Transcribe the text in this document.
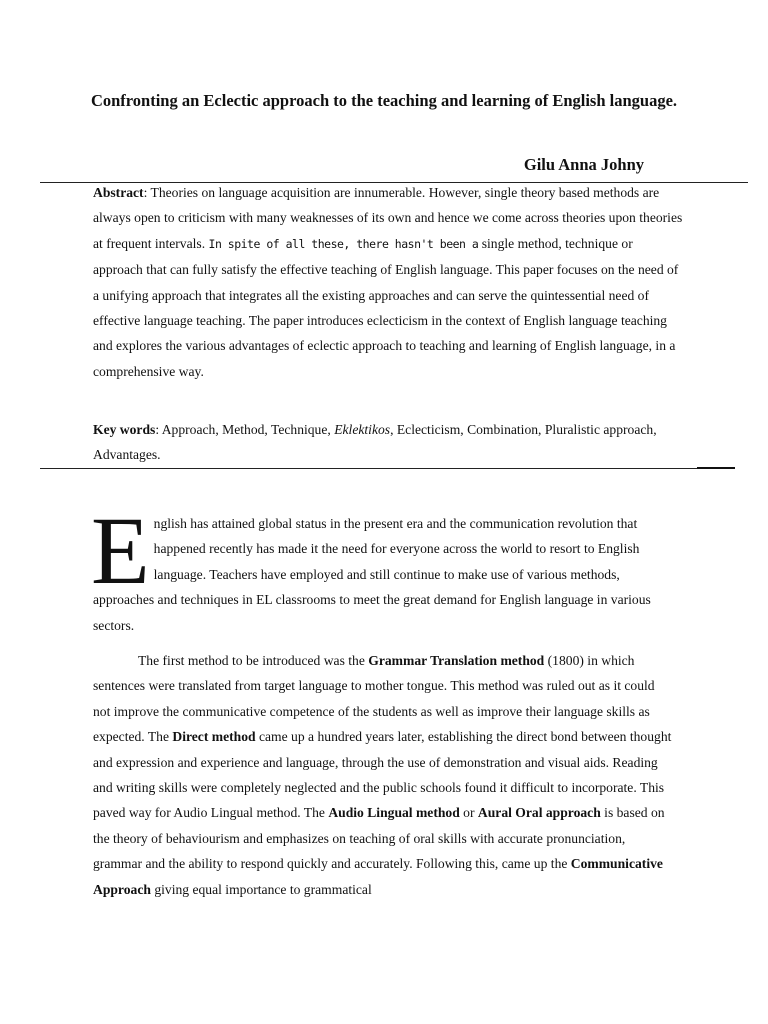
Confronting an Eclectic approach to the teaching and learning of English language.

Gilu Anna Johny

Abstract: Theories on language acquisition are innumerable. However, single theory based methods are always open to criticism with many weaknesses of its own and hence we come across theories upon theories at frequent intervals. In spite of all these, there hasn't been a single method, technique or approach that can fully satisfy the effective teaching of English language. This paper focuses on the need of a unifying approach that integrates all the existing approaches and can serve the quintessential need of effective language teaching. The paper introduces eclecticism in the context of English language teaching and explores the various advantages of eclectic approach to teaching and learning of English language, in a comprehensive way.

Key words: Approach, Method, Technique, Eklektikos, Eclecticism, Combination, Pluralistic approach, Advantages.

English has attained global status in the present era and the communication revolution that happened recently has made it the need for everyone across the world to resort to English language. Teachers have employed and still continue to make use of various methods, approaches and techniques in EL classrooms to meet the great demand for English language in various sectors.

The first method to be introduced was the Grammar Translation method (1800) in which sentences were translated from target language to mother tongue. This method was ruled out as it could not improve the communicative competence of the students as well as improve their language skills as expected. The Direct method came up a hundred years later, establishing the direct bond between thought and expression and experience and language, through the use of demonstration and visual aids. Reading and writing skills were completely neglected and the public schools found it difficult to incorporate. This paved way for Audio Lingual method. The Audio Lingual method or Aural Oral approach is based on the theory of behaviourism and emphasizes on teaching of oral skills with accurate pronunciation, grammar and the ability to respond quickly and accurately. Following this, came up the Communicative Approach giving equal importance to grammatical
